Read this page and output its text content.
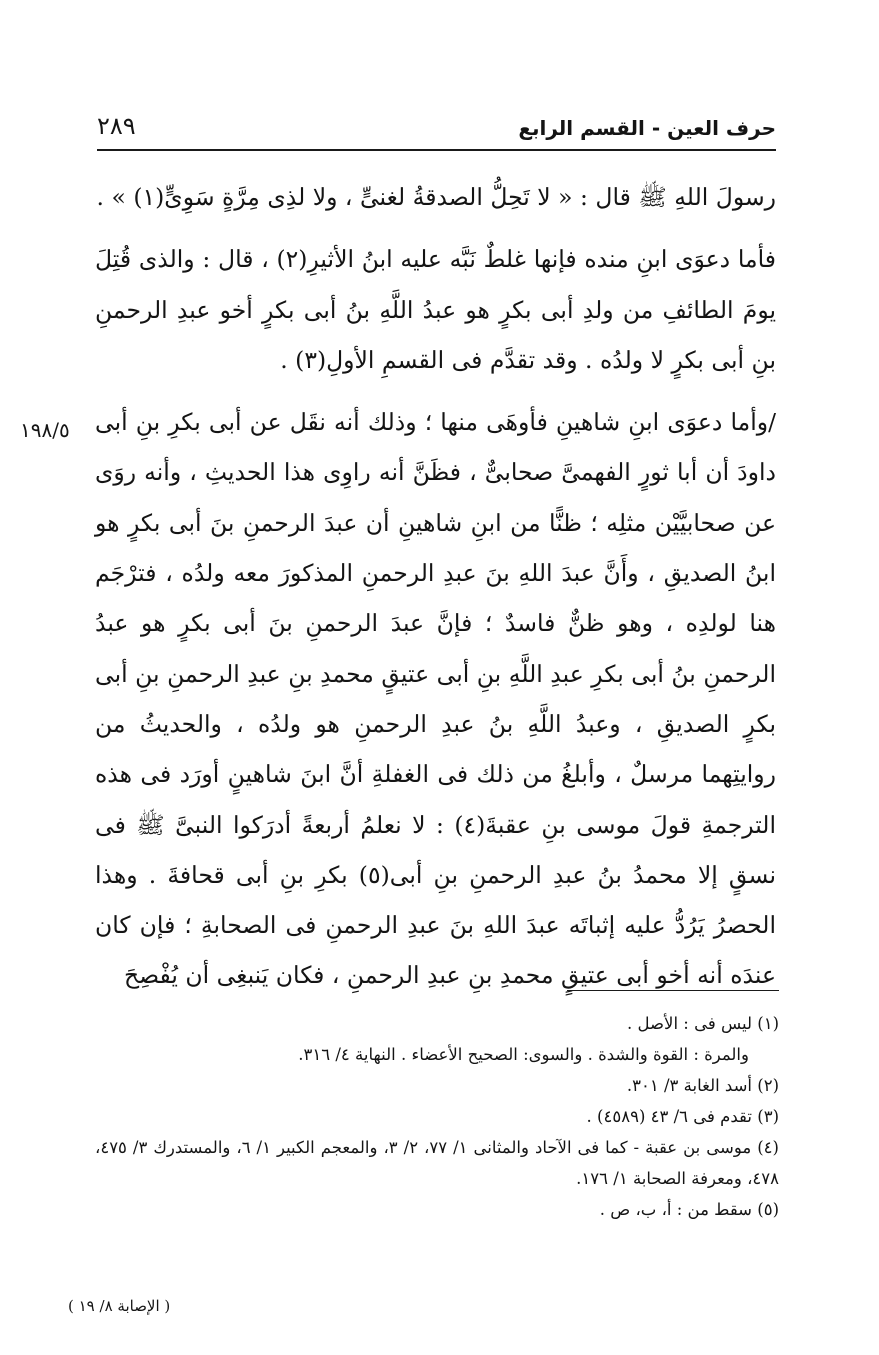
حرف العين - القسم الرابع
٢٨٩
١٩٨/٥

رسولَ اللهِ ﷺ قال : « لا تَحِلُّ الصدقةُ لغنىٍّ ، ولا لذِى مِرَّةٍ سَوِىٍّ(١) » .

فأما دعوَى ابنِ منده فإنها غلطٌ نَبَّه عليه ابنُ الأثيرِ(٢) ، قال : والذى قُتِلَ يومَ الطائفِ من ولدِ أبى بكرٍ هو عبدُ اللَّهِ بنُ أبى بكرٍ أخو عبدِ الرحمنِ بنِ أبى بكرٍ لا ولدُه . وقد تقدَّم فى القسمِ الأولِ(٣) .

/وأما دعوَى ابنِ شاهينِ فأوهَى منها ؛ وذلك أنه نقَل عن أبى بكرِ بنِ أبى داودَ أن أبا ثورٍ الفهمىَّ صحابىٌّ ، فظَنَّ أنه راوِى هذا الحديثِ ، وأنه روَى عن صحابيَّيْن مثلِه ؛ ظنًّا من ابنِ شاهينِ أن عبدَ الرحمنِ بنَ أبى بكرٍ هو ابنُ الصديقِ ، وأَنَّ عبدَ اللهِ بنَ عبدِ الرحمنِ المذكورَ معه ولدُه ، فترْجَم هنا لولدِه ، وهو ظنٌّ فاسدٌ ؛ فإنَّ عبدَ الرحمنِ بنَ أبى بكرٍ هو عبدُ الرحمنِ بنُ أبى بكرِ عبدِ اللَّهِ بنِ أبى عتيقٍ محمدِ بنِ عبدِ الرحمنِ بنِ أبى بكرٍ الصديقِ ، وعبدُ اللَّهِ بنُ عبدِ الرحمنِ هو ولدُه ، والحديثُ من روايتِهما مرسلٌ ، وأبلغُ من ذلك فى الغفلةِ أنَّ ابنَ شاهينٍ أورَد فى هذه الترجمةِ قولَ موسى بنِ عقبةَ(٤) : لا نعلمُ أربعةً أدرَكوا النبىَّ ﷺ فى نسقٍ إلا محمدُ بنُ عبدِ الرحمنِ بنِ أبى(٥) بكرِ بنِ أبى قحافةَ . وهذا الحصرُ يَرُدُّ عليه إثباتَه عبدَ اللهِ بنَ عبدِ الرحمنِ فى الصحابةِ ؛ فإن كان عندَه أنه أخو أبى عتيقٍ محمدِ بنِ عبدِ الرحمنِ ، فكان يَنبغِى أن يُفْصِحَ

(١) ليس فى : الأصل .

والمرة : القوة والشدة . والسوى: الصحيح الأعضاء . النهاية ٤/ ٣١٦.

(٢) أسد الغابة ٣/ ٣٠١.

(٣) تقدم فى ٦/ ٤٣ (٤٥٨٩) .

(٤) موسى بن عقبة - كما فى الآحاد والمثانى ١/ ٧٧، ٢/ ٣، والمعجم الكبير ١/ ٦، والمستدرك ٣/ ٤٧٥، ٤٧٨، ومعرفة الصحابة ١/ ١٧٦.

(٥) سقط من : أ، ب، ص .

( الإصابة ٨/ ١٩ )
